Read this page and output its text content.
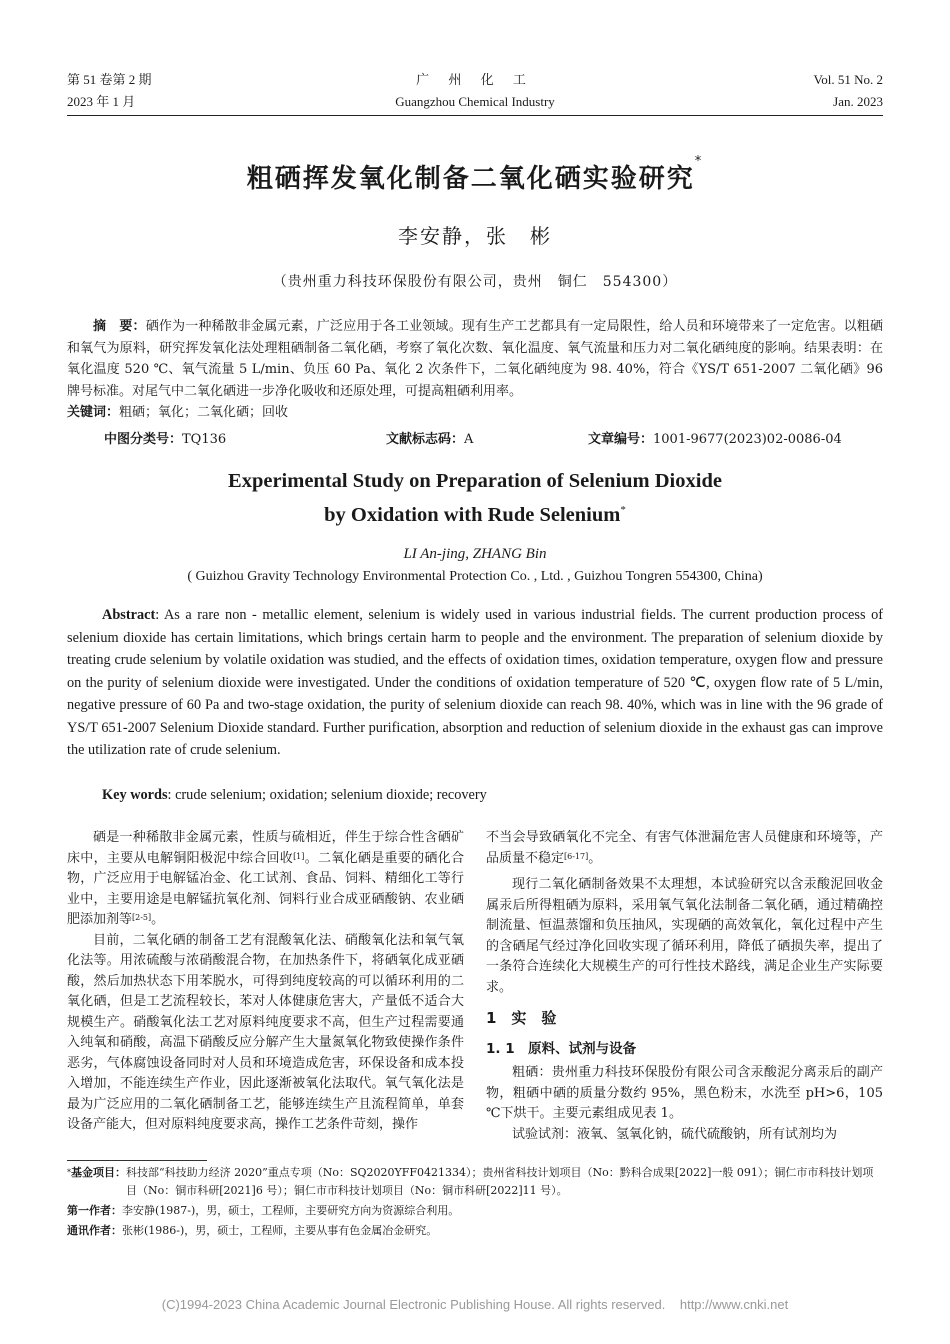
第 51 卷第 2 期
2023 年 1 月
广 州 化 工
Guangzhou Chemical Industry
Vol. 51 No. 2
Jan. 2023
粗硒挥发氧化制备二氧化硒实验研究*
李安静，张　彬
（贵州重力科技环保股份有限公司，贵州　铜仁　554300）
摘　要：硒作为一种稀散非金属元素，广泛应用于各工业领域。现有生产工艺都具有一定局限性，给人员和环境带来了一定危害。以粗硒和氧气为原料，研究挥发氧化法处理粗硒制备二氧化硒，考察了氧化次数、氧化温度、氧气流量和压力对二氧化硒纯度的影响。结果表明：在氧化温度 520 ℃、氧气流量 5 L/min、负压 60 Pa、氧化 2 次条件下，二氧化硒纯度为 98. 40%，符合《YS/T 651-2007 二氧化硒》96 牌号标准。对尾气中二氧化硒进一步净化吸收和还原处理，可提高粗硒利用率。
关键词：粗硒；氧化；二氧化硒；回收
中图分类号：TQ136	文献标志码：A	文章编号：1001-9677(2023)02-0086-04
Experimental Study on Preparation of Selenium Dioxide
by Oxidation with Rude Selenium*
LI An-jing, ZHANG Bin
( Guizhou Gravity Technology Environmental Protection Co. , Ltd. , Guizhou Tongren 554300, China)
Abstract: As a rare non - metallic element, selenium is widely used in various industrial fields. The current production process of selenium dioxide has certain limitations, which brings certain harm to people and the environment. The preparation of selenium dioxide by treating crude selenium by volatile oxidation was studied, and the effects of oxidation times, oxidation temperature, oxygen flow and pressure on the purity of selenium dioxide were investigated. Under the conditions of oxidation temperature of 520 ℃, oxygen flow rate of 5 L/min, negative pressure of 60 Pa and two-stage oxidation, the purity of selenium dioxide can reach 98. 40%, which was in line with the 96 grade of YS/T 651-2007 Selenium Dioxide standard. Further purification, absorption and reduction of selenium dioxide in the exhaust gas can improve the utilization rate of crude selenium.
Key words: crude selenium; oxidation; selenium dioxide; recovery

硒是一种稀散非金属元素，性质与硫相近，伴生于综合性含硒矿床中，主要从电解铜阳极泥中综合回收[1]。二氧化硒是重要的硒化合物，广泛应用于电解锰冶金、化工试剂、食品、饲料、精细化工等行业中，主要用途是电解锰抗氧化剂、饲料行业合成亚硒酸钠、农业硒肥添加剂等[2-5]。

目前，二氧化硒的制备工艺有混酸氧化法、硝酸氧化法和氧气氧化法等。用浓硫酸与浓硝酸混合物，在加热条件下，将硒氧化成亚硒酸，然后加热状态下用苯脱水，可得到纯度较高的可以循环利用的二氧化硒，但是工艺流程较长，苯对人体健康危害大，产量低不适合大规模生产。硝酸氧化法工艺对原料纯度要求不高，但生产过程需要通入纯氧和硝酸，高温下硝酸反应分解产生大量氮氧化物致使操作条件恶劣，气体腐蚀设备同时对人员和环境造成危害，环保设备和成本投入增加，不能连续生产作业，因此逐渐被氧化法取代。氧气氧化法是最为广泛应用的二氧化硒制备工艺，能够连续生产且流程简单，单套设备产能大，但对原料纯度要求高，操作工艺条件苛刻，操作

不当会导致硒氧化不完全、有害气体泄漏危害人员健康和环境等，产品质量不稳定[6-17]。

现行二氧化硒制备效果不太理想，本试验研究以含汞酸泥回收金属汞后所得粗硒为原料，采用氧气氧化法制备二氧化硒，通过精确控制流量、恒温蒸馏和负压抽风，实现硒的高效氧化，氧化过程中产生的含硒尾气经过净化回收实现了循环利用，降低了硒损失率，提出了一条符合连续化大规模生产的可行性技术路线，满足企业生产实际要求。

1　实　验
1. 1　原料、试剂与设备

粗硒：贵州重力科技环保股份有限公司含汞酸泥分离汞后的副产物，粗硒中硒的质量分数约 95%，黑色粉末，水洗至 pH>6，105 ℃下烘干。主要元素组成见表 1。

试验试剂：液氧、氢氧化钠，硫代硫酸钠，所有试剂均为

*基金项目： 科技部“科技助力经济 2020”重点专项（No：SQ2020YFF0421334）；贵州省科技计划项目（No：黔科合成果[2022]一般 091）；铜仁市市科技计划项目（No：铜市科研[2021]6 号）；铜仁市市科技计划项目（No：铜市科研[2022]11 号）。
第一作者：李安静(1987-)，男，硕士，工程师，主要研究方向为资源综合利用。
通讯作者：张彬(1986-)，男，硕士，工程师，主要从事有色金属冶金研究。
(C)1994-2023 China Academic Journal Electronic Publishing House. All rights reserved.    http://www.cnki.net
